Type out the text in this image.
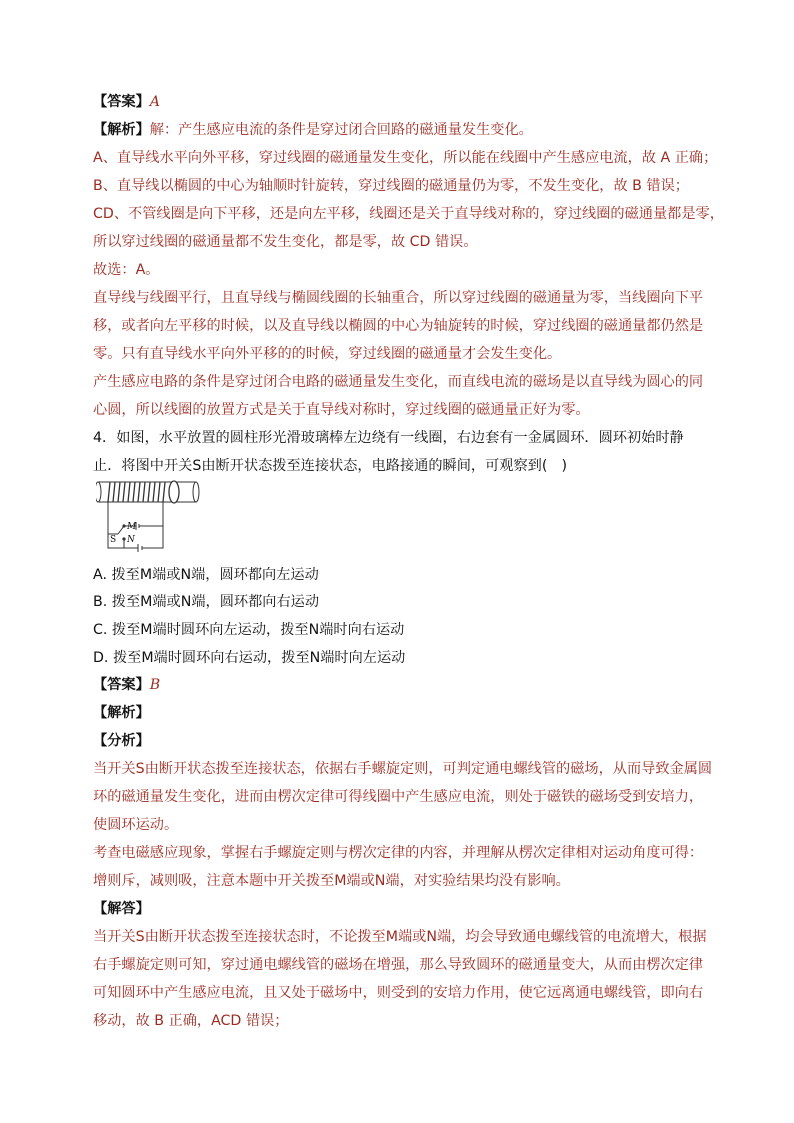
【答案】A
【解析】解：产生感应电流的条件是穿过闭合回路的磁通量发生变化。
A、直导线水平向外平移，穿过线圈的磁通量发生变化，所以能在线圈中产生感应电流，故 A 正确；
B、直导线以椭圆的中心为轴顺时针旋转，穿过线圈的磁通量仍为零，不发生变化，故 B 错误；
CD、不管线圈是向下平移，还是向左平移，线圈还是关于直导线对称的，穿过线圈的磁通量都是零，
所以穿过线圈的磁通量都不发生变化，都是零，故 CD 错误。
故选：A。
直导线与线圈平行，且直导线与椭圆线圈的长轴重合，所以穿过线圈的磁通量为零，当线圈向下平
移，或者向左平移的时候，以及直导线以椭圆的中心为轴旋转的时候，穿过线圈的磁通量都仍然是
零。只有直导线水平向外平移的的时候，穿过线圈的磁通量才会发生变化。
产生感应电路的条件是穿过闭合电路的磁通量发生变化，而直线电流的磁场是以直导线为圆心的同
心圆，所以线圈的放置方式是关于直导线对称时，穿过线圈的磁通量正好为零。
4．如图，水平放置的圆柱形光滑玻璃棒左边绕有一线圈，右边套有一金属圆环．圆环初始时静
止．将图中开关S由断开状态拨至连接状态，电路接通的瞬间，可观察到(　)
M
N
S
A. 拨至M端或N端，圆环都向左运动
B. 拨至M端或N端，圆环都向右运动
C. 拨至M端时圆环向左运动，拨至N端时向右运动
D. 拨至M端时圆环向右运动，拨至N端时向左运动
【答案】B
【解析】
【分析】
当开关S由断开状态拨至连接状态，依据右手螺旋定则，可判定通电螺线管的磁场，从而导致金属圆
环的磁通量发生变化，进而由楞次定律可得线圈中产生感应电流，则处于磁铁的磁场受到安培力，
使圆环运动。
考查电磁感应现象，掌握右手螺旋定则与楞次定律的内容，并理解从楞次定律相对运动角度可得：
增则斥，减则吸，注意本题中开关拨至M端或N端，对实验结果均没有影响。
【解答】
当开关S由断开状态拨至连接状态时，不论拨至M端或N端，均会导致通电螺线管的电流增大，根据
右手螺旋定则可知，穿过通电螺线管的磁场在增强，那么导致圆环的磁通量变大，从而由楞次定律
可知圆环中产生感应电流，且又处于磁场中，则受到的安培力作用，使它远离通电螺线管，即向右
移动，故 B 正确，ACD 错误；
